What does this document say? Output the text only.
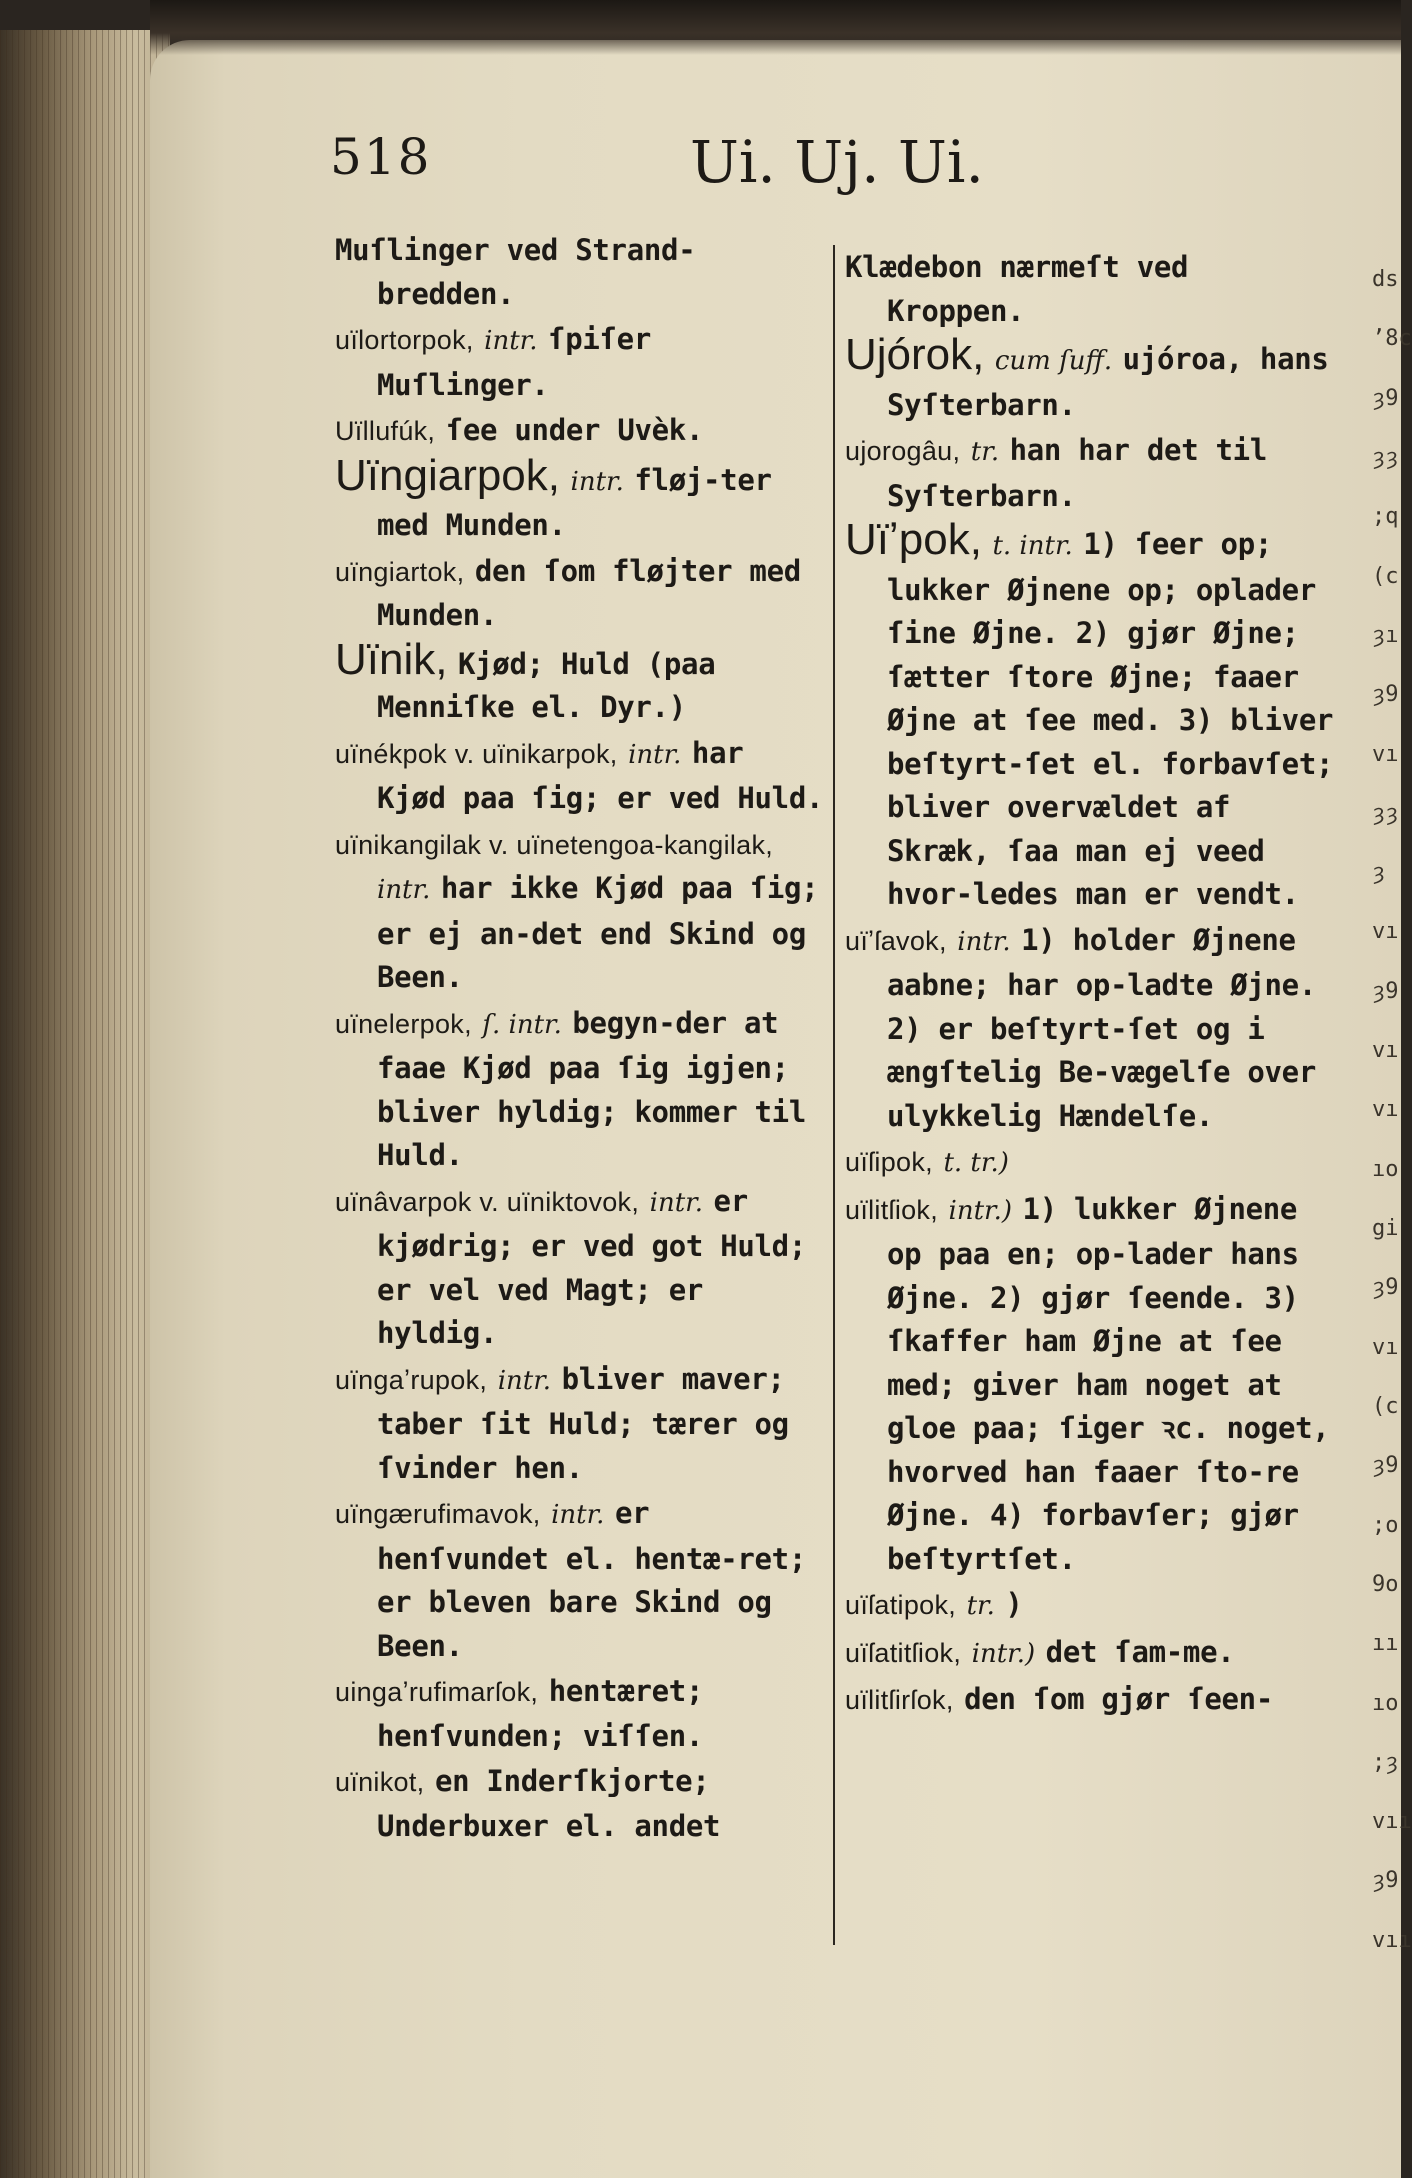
518	Ui. Uj. Ui.

Muſlinger ved Strand-bredden.

uïlortorpok, intr. ſpiſer Muſlinger.

Uïllufúk, ſee under Uvèk.

Uïngiarpok, intr. fløj-ter med Munden.

uïngiartok, den ſom fløjter med Munden.

Uïnik, Kjød; Huld (paa Menniſke el. Dyr.)

uïnékpok v. uïnikarpok, intr. har Kjød paa ſig; er ved Huld.

uïnikangilak v. uïnetengoa-kangilak, intr. har ikke Kjød paa ſig; er ej an-det end Skind og Been.

uïnelerpok, ſ. intr. begyn-der at faae Kjød paa ſig igjen; bliver hyldig; kommer til Huld.

uïnâvarpok v. uïniktovok, intr. er kjødrig; er ved got Huld; er vel ved Magt; er hyldig.

uïngaʼrupok, intr. bliver maver; taber ſit Huld; tærer og ſvinder hen.

uïngærufimavok, intr. er henſvundet el. hentæ-ret; er bleven bare Skind og Been.

uingaʼrufimarſok, hentæret; henſvunden; viſſen.

uïnikot, en Inderſkjorte; Underbuxer el. andet

Klædebon nærmeſt ved Kroppen.

Ujórok, cum ſuff. ujóroa, hans Syſterbarn.

ujorogâu, tr. han har det til Syſterbarn.

Uïʼpok, t. intr. 1) ſeer op; lukker Øjnene op; oplader ſine Øjne. 2) gjør Øjne; ſætter ſtore Øjne; faaer Øjne at ſee med. 3) bliver beſtyrt-ſet el. forbavſet; bliver overvældet af Skræk, ſaa man ej veed hvor-ledes man er vendt.

uïʼſavok, intr. 1) holder Øjnene aabne; har op-ladte Øjne. 2) er beſtyrt-ſet og i ængſtelig Be-vægelſe over ulykkelig Hændelſe.

uïſipok, t. tr.)

uïlitſiok, intr.) 1) lukker Øjnene op paa en; op-lader hans Øjne. 2) gjør ſeende. 3) ſkaffer ham Øjne at ſee med; giver ham noget at gloe paa; ſiger ꝛc. noget, hvorved han faaer ſto-re Øjne. 4) forbavſer; gjør beſtyrtſet.

uïſatipok, tr. )

uïſatitſiok, intr.) det ſam-me.

uïlitſirſok, den ſom gjør ſeen-

ds
ʼ8c
ȝ9
ȝȝ
;q
(c
ȝı
ȝ9
vı
ȝȝ
ȝ
vı
ȝ9
vı
vı
ıo
gi
ȝ9
vı
(c
ȝ9
;o
9o
ıı
ıo
;ȝ
vıı
ȝ9
vıı
